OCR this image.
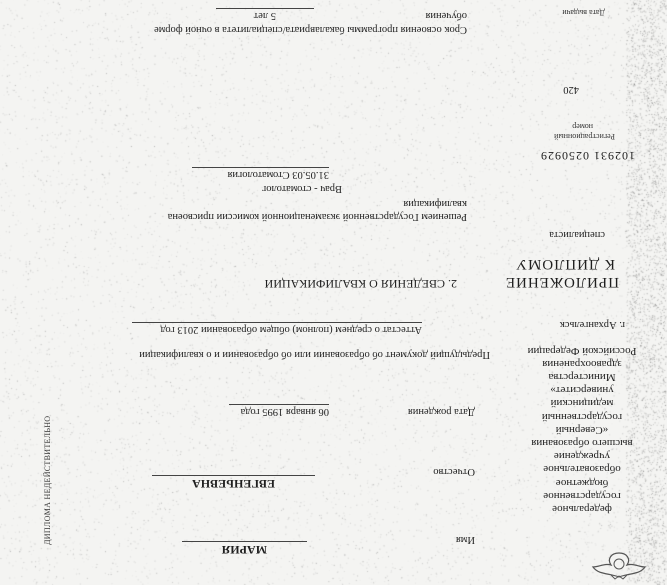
федеральное
государственное
бюджетное
образовательное
учреждение
высшего образования
«Северный
государственный
медицинский
университет»
Министерства
здравоохранения
Российской Федерации
г. Архангельск
ПРИЛОЖЕНИЕ
К ДИПЛОМУ
специалиста
102931 0250929
Регистрационный
номер
420
Дата выдачи
Имя
МАРИЯ
Отчество
ЕВГЕНЬЕВНА
Дата рождения
06 января 1995 года
Предыдущий документ об образовании или об образовании и о квалификации
Аттестат о среднем (полном) общем образовании 2013 год
2. СВЕДЕНИЯ О КВАЛИФИКАЦИИ
Решением Государственной экзаменационной комиссии присвоена
квалификация
Врач - стоматолог
31.05.03 Стоматология
Срок освоения программы бакалавриата/специалитета в очной форме
обучения
5 лет
ДИПЛОМА НЕДЕЙСТВИТЕЛЬНО
